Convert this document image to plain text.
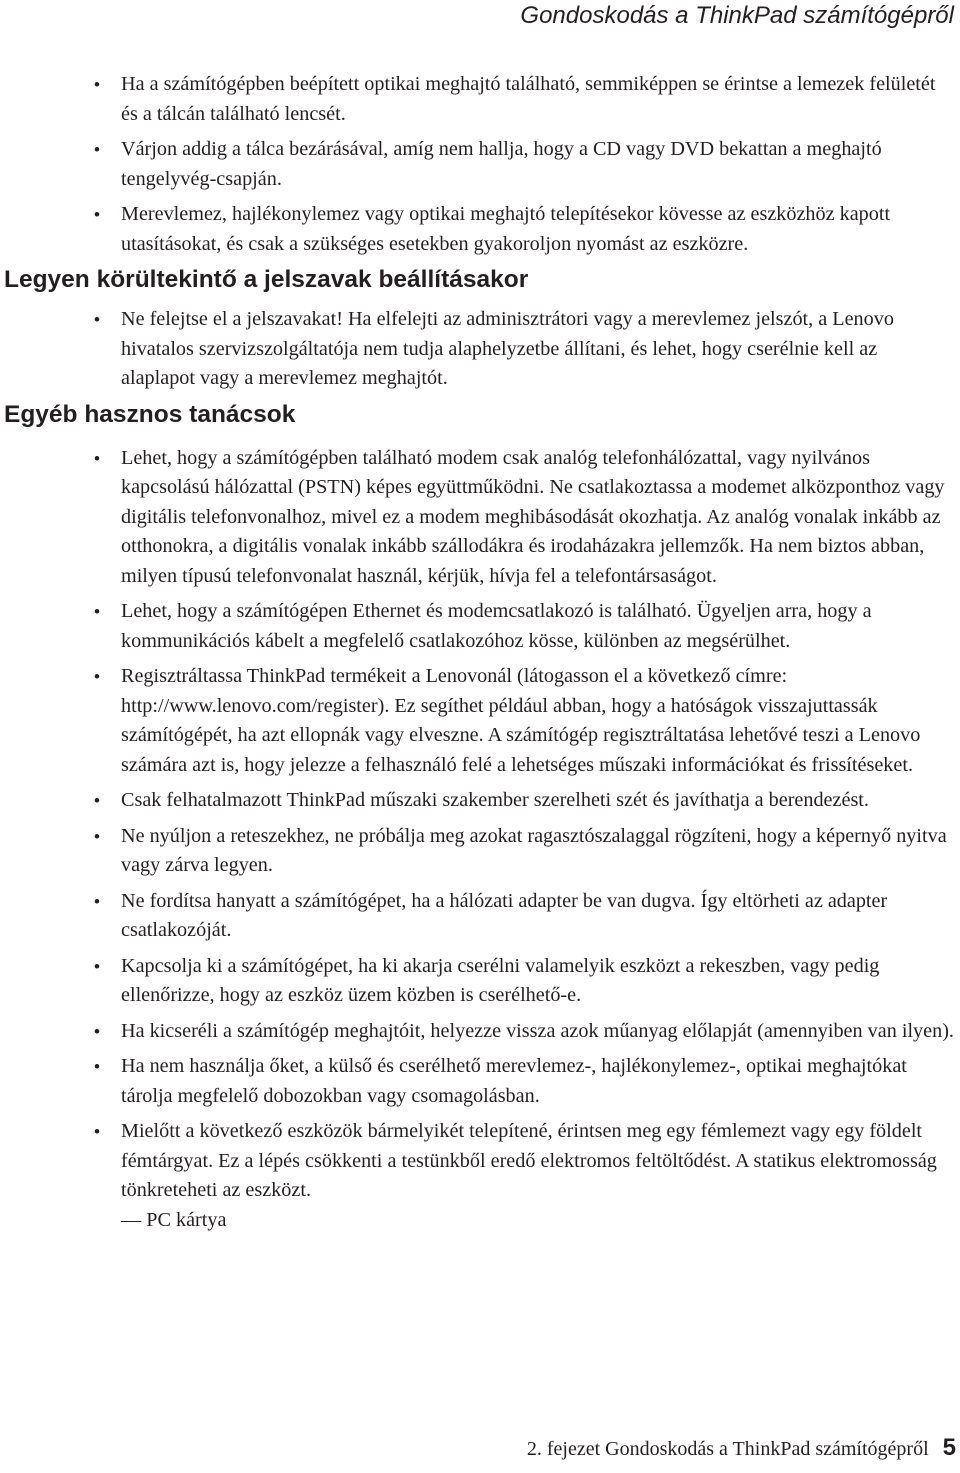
Gondoskodás a ThinkPad számítógépről
• Ha a számítógépben beépített optikai meghajtó található, semmiképpen se érintse a lemezek felületét és a tálcán található lencsét.
• Várjon addig a tálca bezárásával, amíg nem hallja, hogy a CD vagy DVD bekattan a meghajtó tengelyvég-csapján.
• Merevlemez, hajlékonylemez vagy optikai meghajtó telepítésekor kövesse az eszközhöz kapott utasításokat, és csak a szükséges esetekben gyakoroljon nyomást az eszközre.
Legyen körültekintő a jelszavak beállításakor
• Ne felejtse el a jelszavakat! Ha elfelejti az adminisztrátori vagy a merevlemez jelszót, a Lenovo hivatalos szervizszolgáltatója nem tudja alaphelyzetbe állítani, és lehet, hogy cserélnie kell az alaplapot vagy a merevlemez meghajtót.
Egyéb hasznos tanácsok
• Lehet, hogy a számítógépben található modem csak analóg telefonhálózattal, vagy nyilvános kapcsolású hálózattal (PSTN) képes együttműködni. Ne csatlakoztassa a modemet alközponthoz vagy digitális telefonvonalhoz, mivel ez a modem meghibásodását okozhatja. Az analóg vonalak inkább az otthonokra, a digitális vonalak inkább szállodákra és irodaházakra jellemzők. Ha nem biztos abban, milyen típusú telefonvonalat használ, kérjük, hívja fel a telefontársaságot.
• Lehet, hogy a számítógépen Ethernet és modemcsatlakozó is található. Ügyeljen arra, hogy a kommunikációs kábelt a megfelelő csatlakozóhoz kösse, különben az megsérülhet.
• Regisztráltassa ThinkPad termékeit a Lenovonál (látogasson el a következő címre: http://www.lenovo.com/register). Ez segíthet például abban, hogy a hatóságok visszajuttassák számítógépét, ha azt ellopnák vagy elveszne. A számítógép regisztráltatása lehetővé teszi a Lenovo számára azt is, hogy jelezze a felhasználó felé a lehetséges műszaki információkat és frissítéseket.
• Csak felhatalmazott ThinkPad műszaki szakember szerelheti szét és javíthatja a berendezést.
• Ne nyúljon a reteszekhez, ne próbálja meg azokat ragasztószalaggal rögzíteni, hogy a képernyő nyitva vagy zárva legyen.
• Ne fordítsa hanyatt a számítógépet, ha a hálózati adapter be van dugva. Így eltörheti az adapter csatlakozóját.
• Kapcsolja ki a számítógépet, ha ki akarja cserélni valamelyik eszközt a rekeszben, vagy pedig ellenőrizze, hogy az eszköz üzem közben is cserélhető-e.
• Ha kicseréli a számítógép meghajtóit, helyezze vissza azok műanyag előlapját (amennyiben van ilyen).
• Ha nem használja őket, a külső és cserélhető merevlemez-, hajlékonylemez-, optikai meghajtókat tárolja megfelelő dobozokban vagy csomagolásban.
• Mielőtt a következő eszközök bármelyikét telepítené, érintsen meg egy fémlemezt vagy egy földelt fémtárgyat. Ez a lépés csökkenti a testünkből eredő elektromos feltöltődést. A statikus elektromosság tönkreteheti az eszközt.
— PC kártya
2. fejezet Gondoskodás a ThinkPad számítógépről 5
